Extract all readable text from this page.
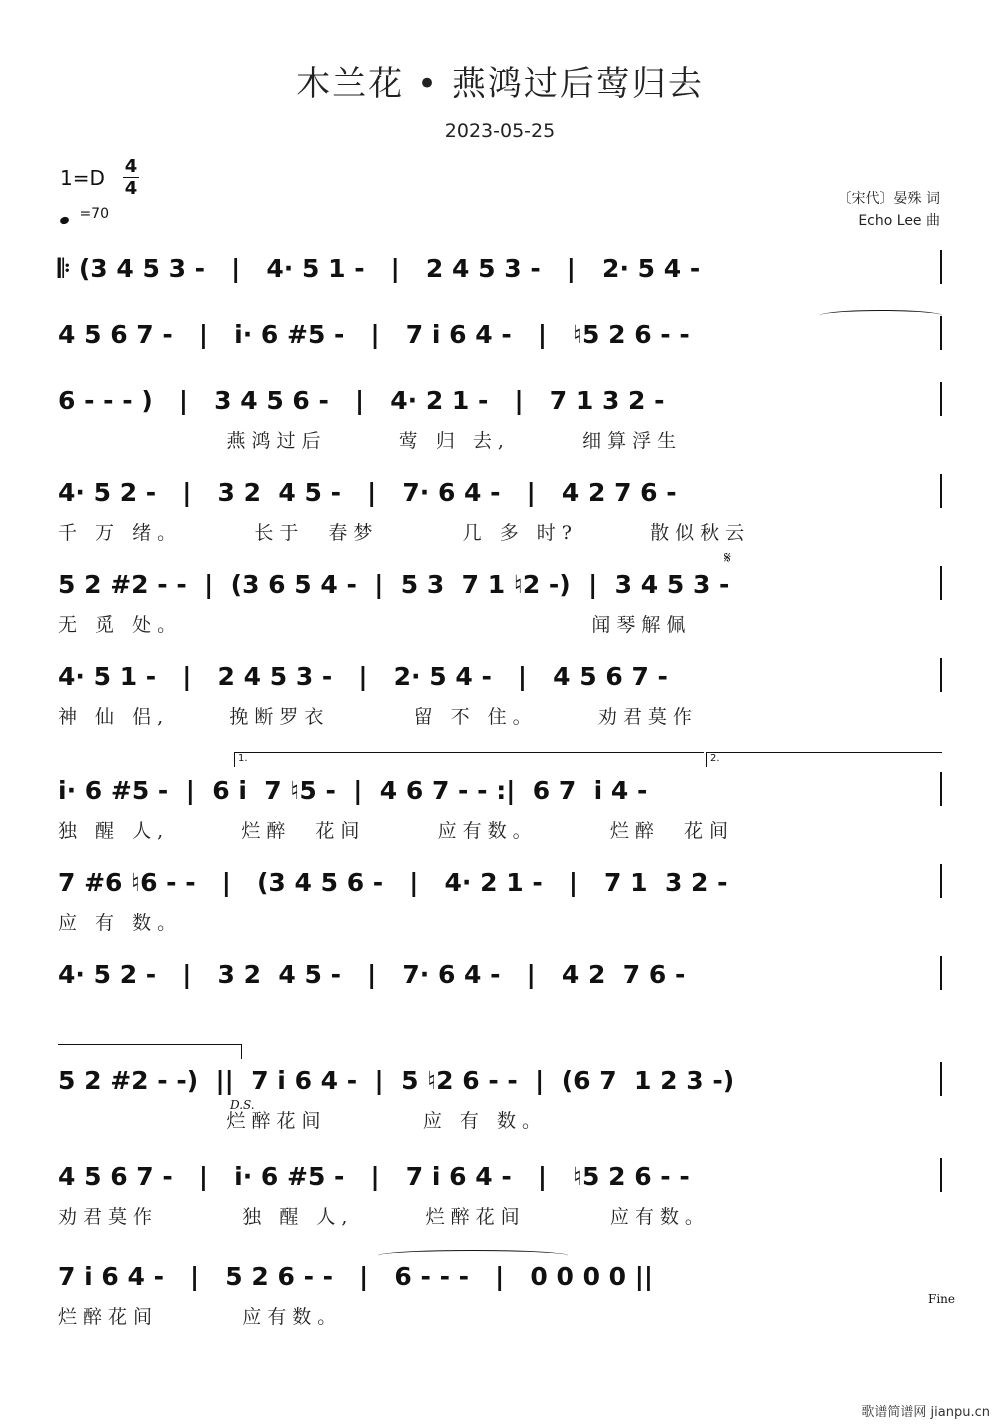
木兰花 • 燕鸿过后莺归去
2023-05-25
1=D 4
4
=70
〔宋代〕晏殊 词
Echo Lee 曲
𝄆 (3 4 5 3 -   |   4· 5 1 -   |   2 4 5 3 -   |   2· 5 4 -
4 5 6 7 -   |   i· 6 #5 -   |   7 i 6 4 -   |   ♮5 2 6 - -
6 - - - )   |   3 4 5 6 -   |   4· 2 1 -   |   7 1 3 2 -
燕鸿过后      莺 归 去,      细算浮生
4· 5 2 -   |   3 2  4 5 -   |   7· 6 4 -   |   4 2 7 6 -
千 万 绪。      长于  春梦       几 多 时?      散似秋云
𝄋
5 2 #2 - -  |  (3 6 5 4 -  |  5 3  7 1 ♮2 -)  |  3 4 5 3 -
无 觅 处。                                  闻琴解佩
4· 5 1 -   |   2 4 5 3 -   |   2· 5 4 -   |   4 5 6 7 -
神 仙 侣,     挽断罗衣       留 不 住。     劝君莫作
1.	2.
i· 6 #5 -  |  6 i  7 ♮5 -  |  4 6 7 - - :|  6 7  i 4 -
独 醒 人,      烂醉  花间      应有数。      烂醉  花间
7 #6 ♮6 - -   |   (3 4 5 6 -   |   4· 2 1 -   |   7 1  3 2 -
应 有 数。
4· 5 2 -   |   3 2  4 5 -   |   7· 6 4 -   |   4 2  7 6 -
D.S.
5 2 #2 - -)  ||  7 i 6 4 -  |  5 ♮2 6 - -  |  (6 7  1 2 3 -)
烂醉花间        应 有 数。
4 5 6 7 -   |   i· 6 #5 -   |   7 i 6 4 -   |   ♮5 2 6 - -
劝君莫作       独 醒 人,      烂醉花间       应有数。
7 i 6 4 -   |   5 2 6 - -   |   6 - - -   |   0 0 0 0 ||
烂醉花间       应有数。
Fine
歌谱简谱网 jianpu.cn
